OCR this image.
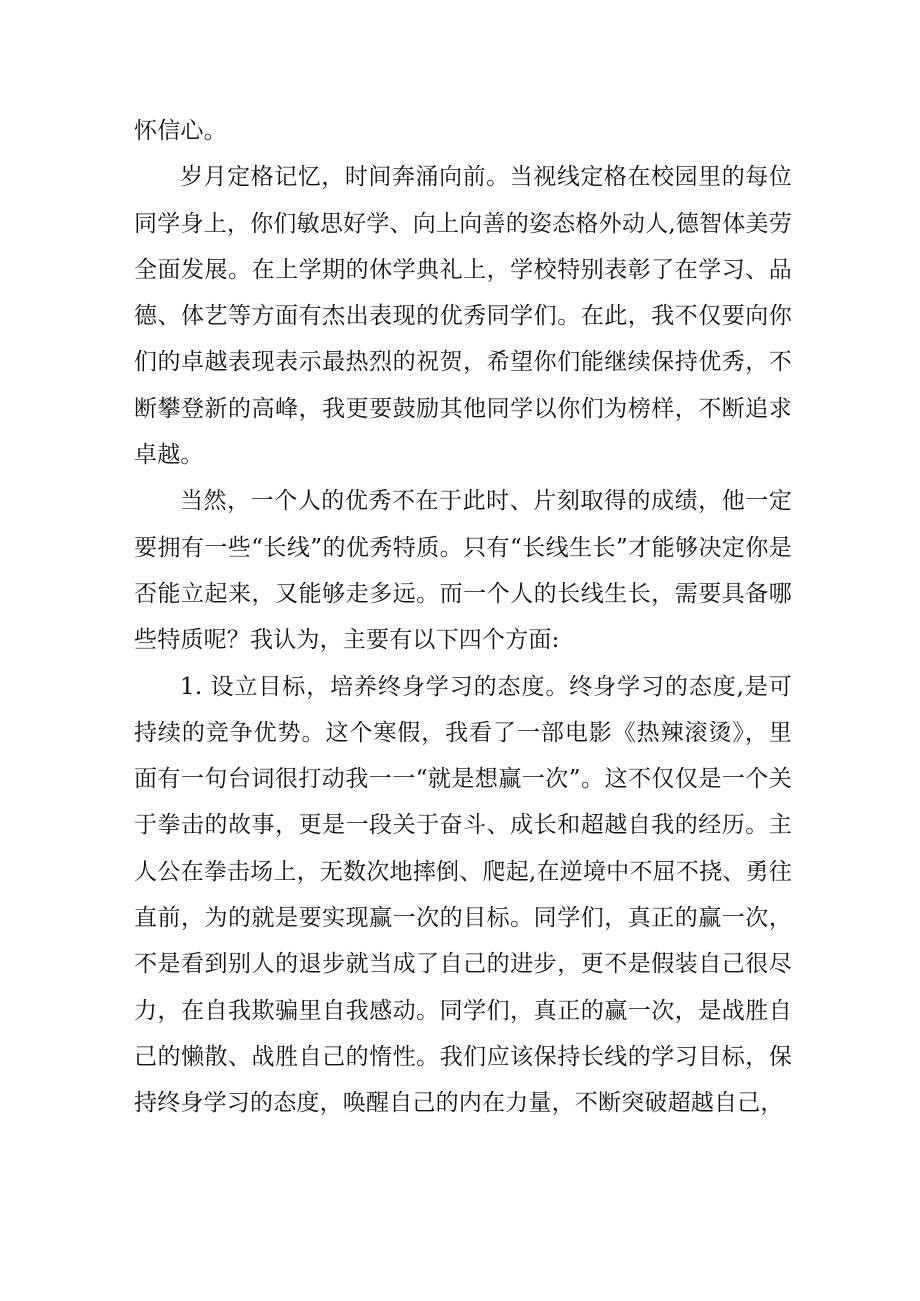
怀信心。

岁月定格记忆，时间奔涌向前。当视线定格在校园里的每位同学身上，你们敏思好学、向上向善的姿态格外动人,德智体美劳全面发展。在上学期的休学典礼上，学校特别表彰了在学习、品德、体艺等方面有杰出表现的优秀同学们。在此，我不仅要向你们的卓越表现表示最热烈的祝贺，希望你们能继续保持优秀，不断攀登新的高峰，我更要鼓励其他同学以你们为榜样，不断追求卓越。

当然，一个人的优秀不在于此时、片刻取得的成绩，他一定要拥有一些“长线”的优秀特质。只有“长线生长”才能够决定你是否能立起来，又能够走多远。而一个人的长线生长，需要具备哪些特质呢？我认为，主要有以下四个方面:

1. 设立目标，培养终身学习的态度。终身学习的态度,是可持续的竞争优势。这个寒假，我看了一部电影《热辣滚烫》，里面有一句台词很打动我一一“就是想赢一次”。这不仅仅是一个关于拳击的故事，更是一段关于奋斗、成长和超越自我的经历。主人公在拳击场上，无数次地摔倒、爬起,在逆境中不屈不挠、勇往直前，为的就是要实现赢一次的目标。同学们，真正的赢一次，不是看到别人的退步就当成了自己的进步，更不是假装自己很尽力，在自我欺骗里自我感动。同学们，真正的赢一次，是战胜自己的懒散、战胜自己的惰性。我们应该保持长线的学习目标，保持终身学习的态度，唤醒自己的内在力量，不断突破超越自己，
